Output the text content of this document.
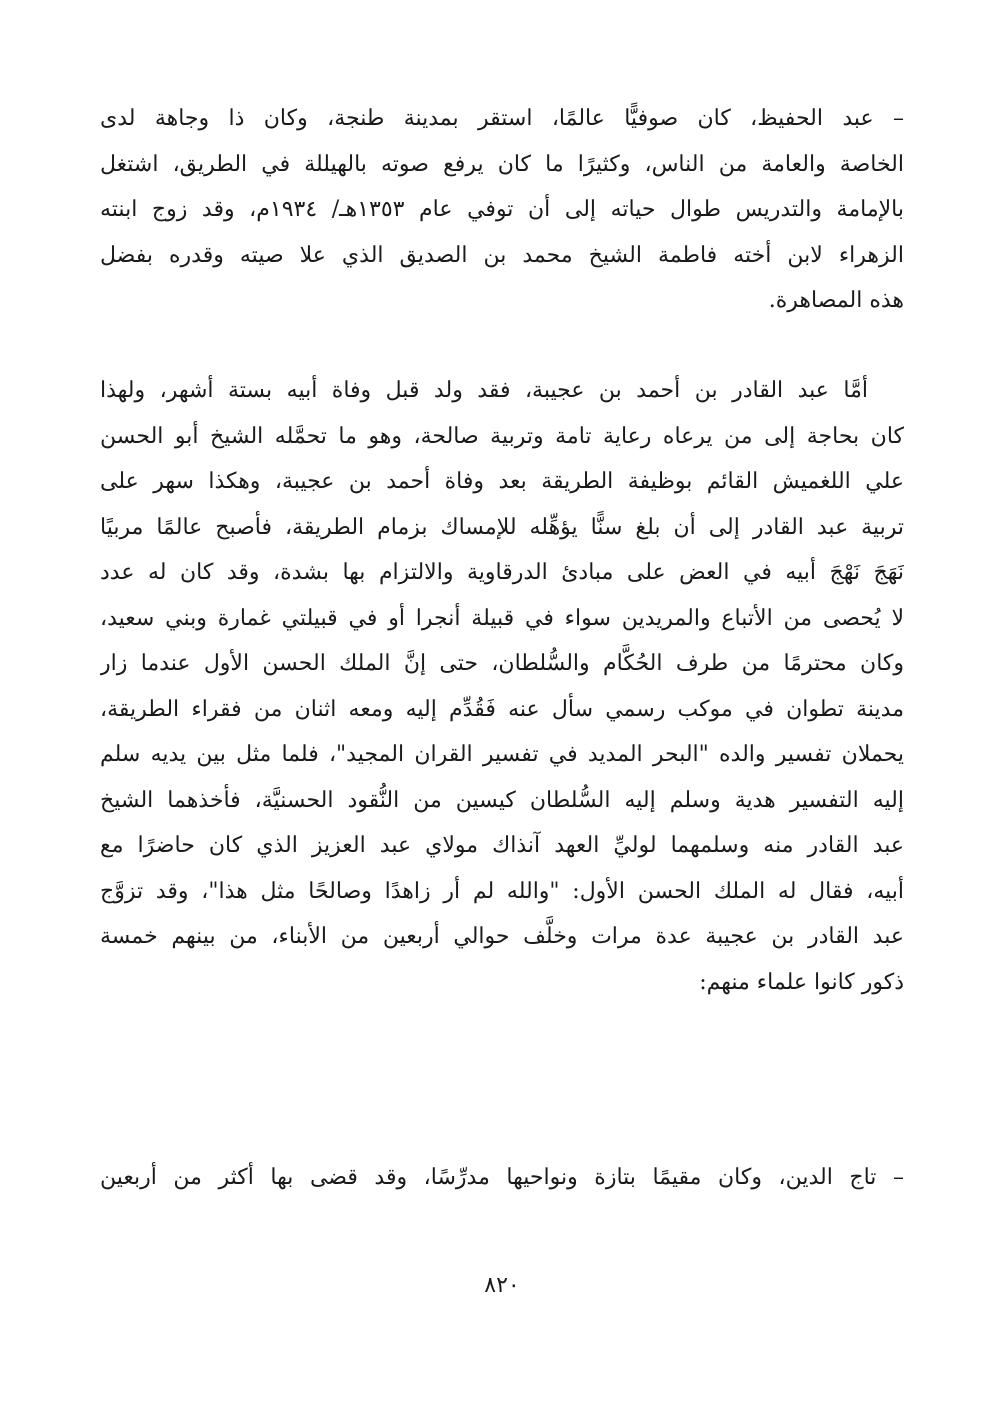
– عبد الحفيظ، كان صوفيًّا عالمًا، استقر بمدينة طنجة، وكان ذا وجاهة لدى
الخاصة والعامة من الناس، وكثيرًا ما كان يرفع صوته بالهيللة في الطريق، اشتغل
بالإمامة والتدريس طوال حياته إلى أن توفي عام ١٣٥٣هـ/ ١٩٣٤م، وقد زوج ابنته
الزهراء لابن أخته فاطمة الشيخ محمد بن الصديق الذي علا صيته وقدره بفضل
هذه المصاهرة.
أمَّا عبد القادر بن أحمد بن عجيبة، فقد ولد قبل وفاة أبيه بستة أشهر، ولهذا
كان بحاجة إلى من يرعاه رعاية تامة وتربية صالحة، وهو ما تحمَّله الشيخ أبو الحسن
علي اللغميش القائم بوظيفة الطريقة بعد وفاة أحمد بن عجيبة، وهكذا سهر على
تربية عبد القادر إلى أن بلغ سنًّا يؤهِّله للإمساك بزمام الطريقة، فأصبح عالمًا مربيًا
نَهَجَ نَهْجَ أبيه في العض على مبادئ الدرقاوية والالتزام بها بشدة، وقد كان له عدد
لا يُحصى من الأتباع والمريدين سواء في قبيلة أنجرا أو في قبيلتي غمارة وبني سعيد،
وكان محترمًا من طرف الحُكَّام والسُّلطان، حتى إنَّ الملك الحسن الأول عندما زار
مدينة تطوان في موكب رسمي سأل عنه فَقُدِّم إليه ومعه اثنان من فقراء الطريقة،
يحملان تفسير والده "البحر المديد في تفسير القران المجيد"، فلما مثل بين يديه سلم
إليه التفسير هدية وسلم إليه السُّلطان كيسين من النُّقود الحسنيَّة، فأخذهما الشيخ
عبد القادر منه وسلمهما لوليِّ العهد آنذاك مولاي عبد العزيز الذي كان حاضرًا مع
أبيه، فقال له الملك الحسن الأول: "والله لم أر زاهدًا وصالحًا مثل هذا"، وقد تزوَّج
عبد القادر بن عجيبة عدة مرات وخلَّف حوالي أربعين من الأبناء، من بينهم خمسة
ذكور كانوا علماء منهم:
– تاج الدين، وكان مقيمًا بتازة ونواحيها مدرِّسًا، وقد قضى بها أكثر من أربعين
٨٢٠
